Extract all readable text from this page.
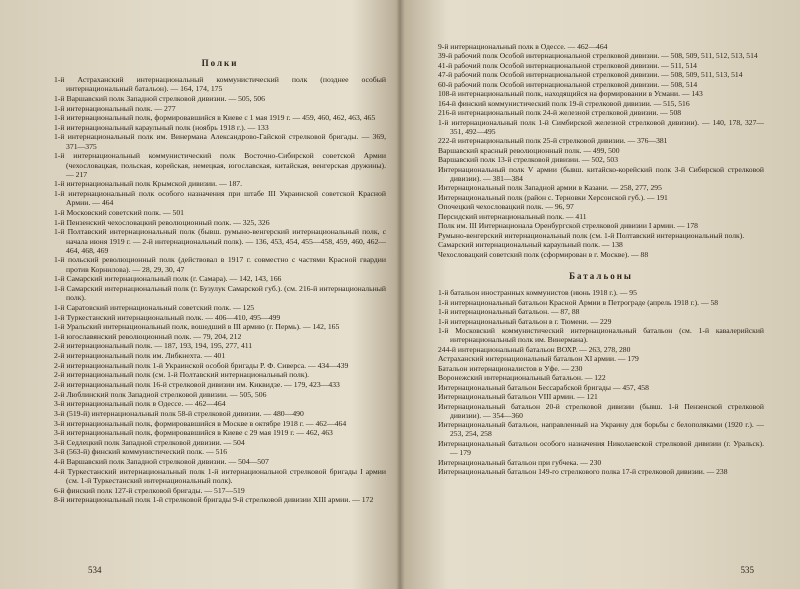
Полки
1-й Астраханский интернациональный коммунистический полк (позднее особый интернациональный батальон). — 164, 174, 175
1-й Варшавский полк Западной стрелковой дивизии. — 505, 506
1-й интернациональный полк. — 277
1-й интернациональный полк, формировавшийся в Киеве с 1 мая 1919 г. — 459, 460, 462, 463, 465
1-й интернациональный караульный полк (ноябрь 1918 г.). — 133
1-й интернациональный полк им. Винермана Александрово-Гайской стрелковой бригады. — 369, 371—375
1-й интернациональный коммунистический полк Восточно-Сибирской советской Армии (чехословацкая, польская, корейская, немецкая, югославская, китайская, венгерская дружины). — 217
1-й интернациональный полк Крымской дивизии. — 187.
1-й интернациональный полк особого назначения при штабе III Украинской советской Красной Армии. — 464
1-й Московский советский полк. — 501
1-й Пензенский чехословацкий революционный полк. — 325, 326
1-й Полтавский интернациональный полк (бывш. румыно-венгерский интернациональный полк, с начала июня 1919 г. — 2-й интернациональный полк). — 136, 453, 454, 455—458, 459, 460, 462—464, 468, 469
1-й польский революционный полк (действовал в 1917 г. совместно с частями Красной гвардии против Корнилова). — 28, 29, 30, 47
1-й Самарский интернациональный полк (г. Самара). — 142, 143, 166
1-й Самарский интернациональный полк (г. Бузулук Самарской губ.). (см. 216-й интернациональный полк).
1-й Саратовский интернациональный советский полк. — 125
1-й Туркестанский интернациональный полк. — 406—410, 495—499
1-й Уральский интернациональный полк, вошедший в III армию (г. Пермь). — 142, 165
1-й югославянский революционный полк. — 79, 204, 212
2-й интернациональный полк. — 187, 193, 194, 195, 277, 411
2-й интернациональный полк им. Либкнехта. — 401
2-й интернациональный полк 1-й Украинской особой бригады Р. Ф. Сиверса. — 434—439
2-й интернациональный полк (см. 1-й Полтавский интернациональный полк).
2-й интернациональный полк 16-й стрелковой дивизии им. Киквидзе. — 179, 423—433
2-й Люблинский полк Западной стрелковой дивизии. — 505, 506
3-й интернациональный полк в Одессе. — 462—464
3-й (519-й) интернациональный полк 58-й стрелковой дивизии. — 480—490
3-й интернациональный полк, формировавшийся в Москве в октябре 1918 г. — 462—464
3-й интернациональный полк, формировавшийся в Киеве с 29 мая 1919 г. — 462, 463
3-й Седлецкий полк Западной стрелковой дивизии. — 504
3-й (563-й) финский коммунистический полк. — 516
4-й Варшавский полк Западной стрелковой дивизии. — 504—507
4-й Туркестанский интернациональный полк 1-й интернациональной стрелковой бригады I армии (см. 1-й Туркестанский интернациональный полк).
6-й финский полк 127-й стрелковой бригады. — 517—519
8-й интернациональный полк 1-й стрелковой бригады 9-й стрелковой дивизии XIII армии. — 172
534
9-й интернациональный полк в Одессе. — 462—464
39-й рабочий полк Особой интернациональной стрелковой дивизии. — 508, 509, 511, 512, 513, 514
41-й рабочий полк Особой интернациональной стрелковой дивизии. — 511, 514
47-й рабочий полк Особой интернациональной стрелковой дивизии. — 508, 509, 511, 513, 514
60-й рабочий полк Особой интернациональной стрелковой дивизии. — 508, 514
108-й интернациональный полк, находящийся на формировании в Усмани. — 143
164-й финский коммунистический полк 19-й стрелковой дивизии. — 515, 516
216-й интернациональный полк 24-й железной стрелковой дивизии. — 508
1-й интернациональный полк 1-й Симбирской железной стрелковой дивизии). — 140, 178, 327—351, 492—495
222-й интернациональный полк 25-й стрелковой дивизии. — 376—381
Варшавский красный революционный полк. — 499, 500
Варшавский полк 13-й стрелковой дивизии. — 502, 503
Интернациональный полк V армии (бывш. китайско-корейский полк 3-й Сибирской стрелковой дивизии). — 381—384
Интернациональный полк Западной армии в Казани. — 258, 277, 295
Интернациональный полк (район с. Терновки Херсонской губ.). — 191
Опочецкий чехословацкий полк. — 96, 97
Персидский интернациональный полк. — 411
Полк им. III Интернационала Оренбургской стрелковой дивизии I армии. — 178
Румыно-венгерский интернациональный полк (см. 1-й Полтавский интернациональный полк).
Самарский интернациональный караульный полк. — 138
Чехословацкий советский полк (сформирован в г. Москве). — 88
Батальоны
1-й батальон иностранных коммунистов (июнь 1918 г.). — 95
1-й интернациональный батальон Красной Армии в Петрограде (апрель 1918 г.). — 58
1-й интернациональный батальон. — 87, 88
1-й интернациональный батальон в г. Тюмени. — 229
1-й Московский коммунистический интернациональный батальон (см. 1-й кавалерийский интернациональный полк им. Винермана).
244-й интернациональный батальон ВОХР. — 263, 278, 280
Астраханский интернациональный батальон XI армии. — 179
Батальон интернационалистов в Уфе. — 230
Воронежский интернациональный батальон. — 122
Интернациональный батальон Бессарабской бригады — 457, 458
Интернациональный батальон VIII армии. — 121
Интернациональный батальон 20-й стрелковой дивизии (бывш. 1-й Пензенской стрелковой дивизии). — 354—360
Интернациональный батальон, направленный на Украину для борьбы с белополяками (1920 г.). — 253, 254, 258
Интернациональный батальон особого назначения Николаевской стрелковой дивизии (г. Уральск). — 179
Интернациональный батальон при губчека. — 230
Интернациональный батальон 149-го стрелкового полка 17-й стрелковой дивизии. — 238
535
